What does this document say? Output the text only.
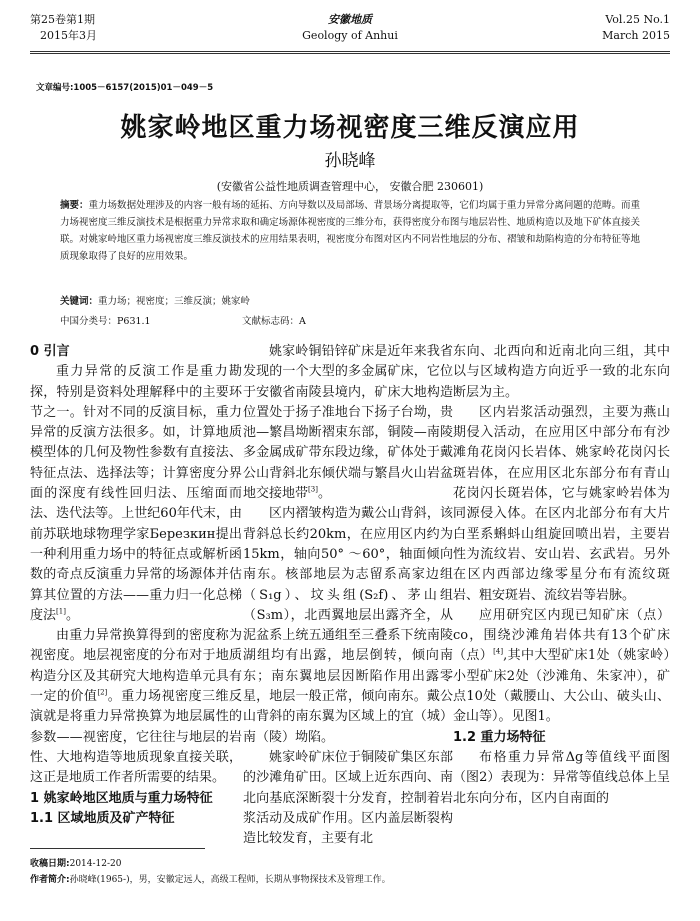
第25卷第1期
2015年3月
安徽地质
Geology of Anhui
Vol.25 No.1
March 2015
文章编号:1005－6157(2015)01－049－5
姚家岭地区重力场视密度三维反演应用
孙晓峰
(安徽省公益性地质调查管理中心， 安徽合肥 230601)
摘要：重力场数据处理涉及的内容一般有场的延拓、方向导数以及局部场、背景场分离提取等，它们均属于重力异常分离问题的范畴。而重力场视密度三维反演技术是根据重力异常求取和确定场源体视密度的三维分布，获得密度分布图与地层岩性、地质构造以及地下矿体直接关联。对姚家岭地区重力场视密度三维反演技术的应用结果表明，视密度分布图对区内不同岩性地层的分布、褶皱和劫陷构造的分布特征等地质现象取得了良好的应用效果。
关键词：重力场；视密度；三维反演；姚家岭
中国分类号：P631.1	文献标志码：A

0 引言

重力异常的反演工作是重力勘探，特别是资料处理解释中的主要环节之一。针对不同的反演目标，重力异常的反演方法很多。如，计算地质模型体的几何及物性参数有直接法、特征点法、选择法等；计算密度分界面的深度有线性回归法、压缩面而法、迭代法等。上世纪60年代末，由前苏联地球物理学家Березкин提出一种利用重力场中的特征点或解析函数的奇点反演重力异常的场源体并估算其位置的方法——重力归一化总梯度法[1]。

由重力异常换算得到的密度称为视密度。地层视密度的分布对于地质构造分区及其研究大地构造单元具有一定的价值[2]。重力场视密度三维反演就是将重力异常换算为地层属性的参数——视密度，它往往与地层的岩性、大地构造等地质现象直接关联，这正是地质工作者所需要的结果。

1 姚家岭地区地质与重力场特征

1.1 区域地质及矿产特征

姚家岭铜铅锌矿床是近年来我省发现的一个大型的多金属矿床，它位于安徽省南陵县境内，矿床大地构造位置处于扬子准地台下扬子台坳，贵池—繁昌坳断褶束东部，铜陵—南陵多金属成矿带东段边缘，矿体处于戴公山背斜北东倾伏端与繁昌火山岩盆地交接地带[3]。

区内褶皱构造为戴公山背斜，该背斜总长约20km，在应用区内约为15km，轴向50° ～60°，轴面倾向南东。核部地层为志留系高家边组（S₁g）、坟头组(S₂f)、茅山组（S₃m），北西翼地层出露齐全，从泥盆系上统五通组至三叠系下统南陵湖组均有出露，地层倒转，倾向南东；南东翼地层因断陷作用出露零星，地层一般正常，倾向南东。戴公山背斜的南东翼为区域上的宜（城）南（陵）坳陷。

姚家岭矿床位于铜陵矿集区东部的沙滩角矿田。区域上近东西向、南北向基底深断裂十分发育，控制着岩浆活动及成矿作用。区内盖层断裂构造比较发育，主要有北

东向、北西向和近南北向三组，其中以与区域构造方向近乎一致的北东向断层为主。

区内岩浆活动强烈，主要为燕山期侵入活动，在应用区中部分布有沙滩角花岗闪长岩体、姚家岭花岗闪长斑岩体，在应用区北东部分布有青山花岗闪长斑岩体，它与姚家岭岩体为同源侵入体。在区内北部分布有大片白垩系蝌蚪山组旋回喷出岩，主要岩性为流纹岩、安山岩、玄武岩。另外在区内西部边缘零星分布有流纹斑岩、粗安斑岩、流纹岩等岩脉。

应用研究区内现已知矿床（点）со，围绕沙滩角岩体共有13个矿床（点）[4],其中大型矿床1处（姚家岭）小型矿床2处（沙滩角、朱家冲），矿点10处（戴腰山、大公山、破头山、金山等）。见图1。

1.2 重力场特征

布格重力异常Δg等值线平面图（图2）表现为：异常等值线总体上呈北东向分布，区内自南面的

收稿日期:2014-12-20
作者简介:孙晓峰(1965-)，男，安徽定远人，高级工程师，长期从事物探技术及管理工作。
